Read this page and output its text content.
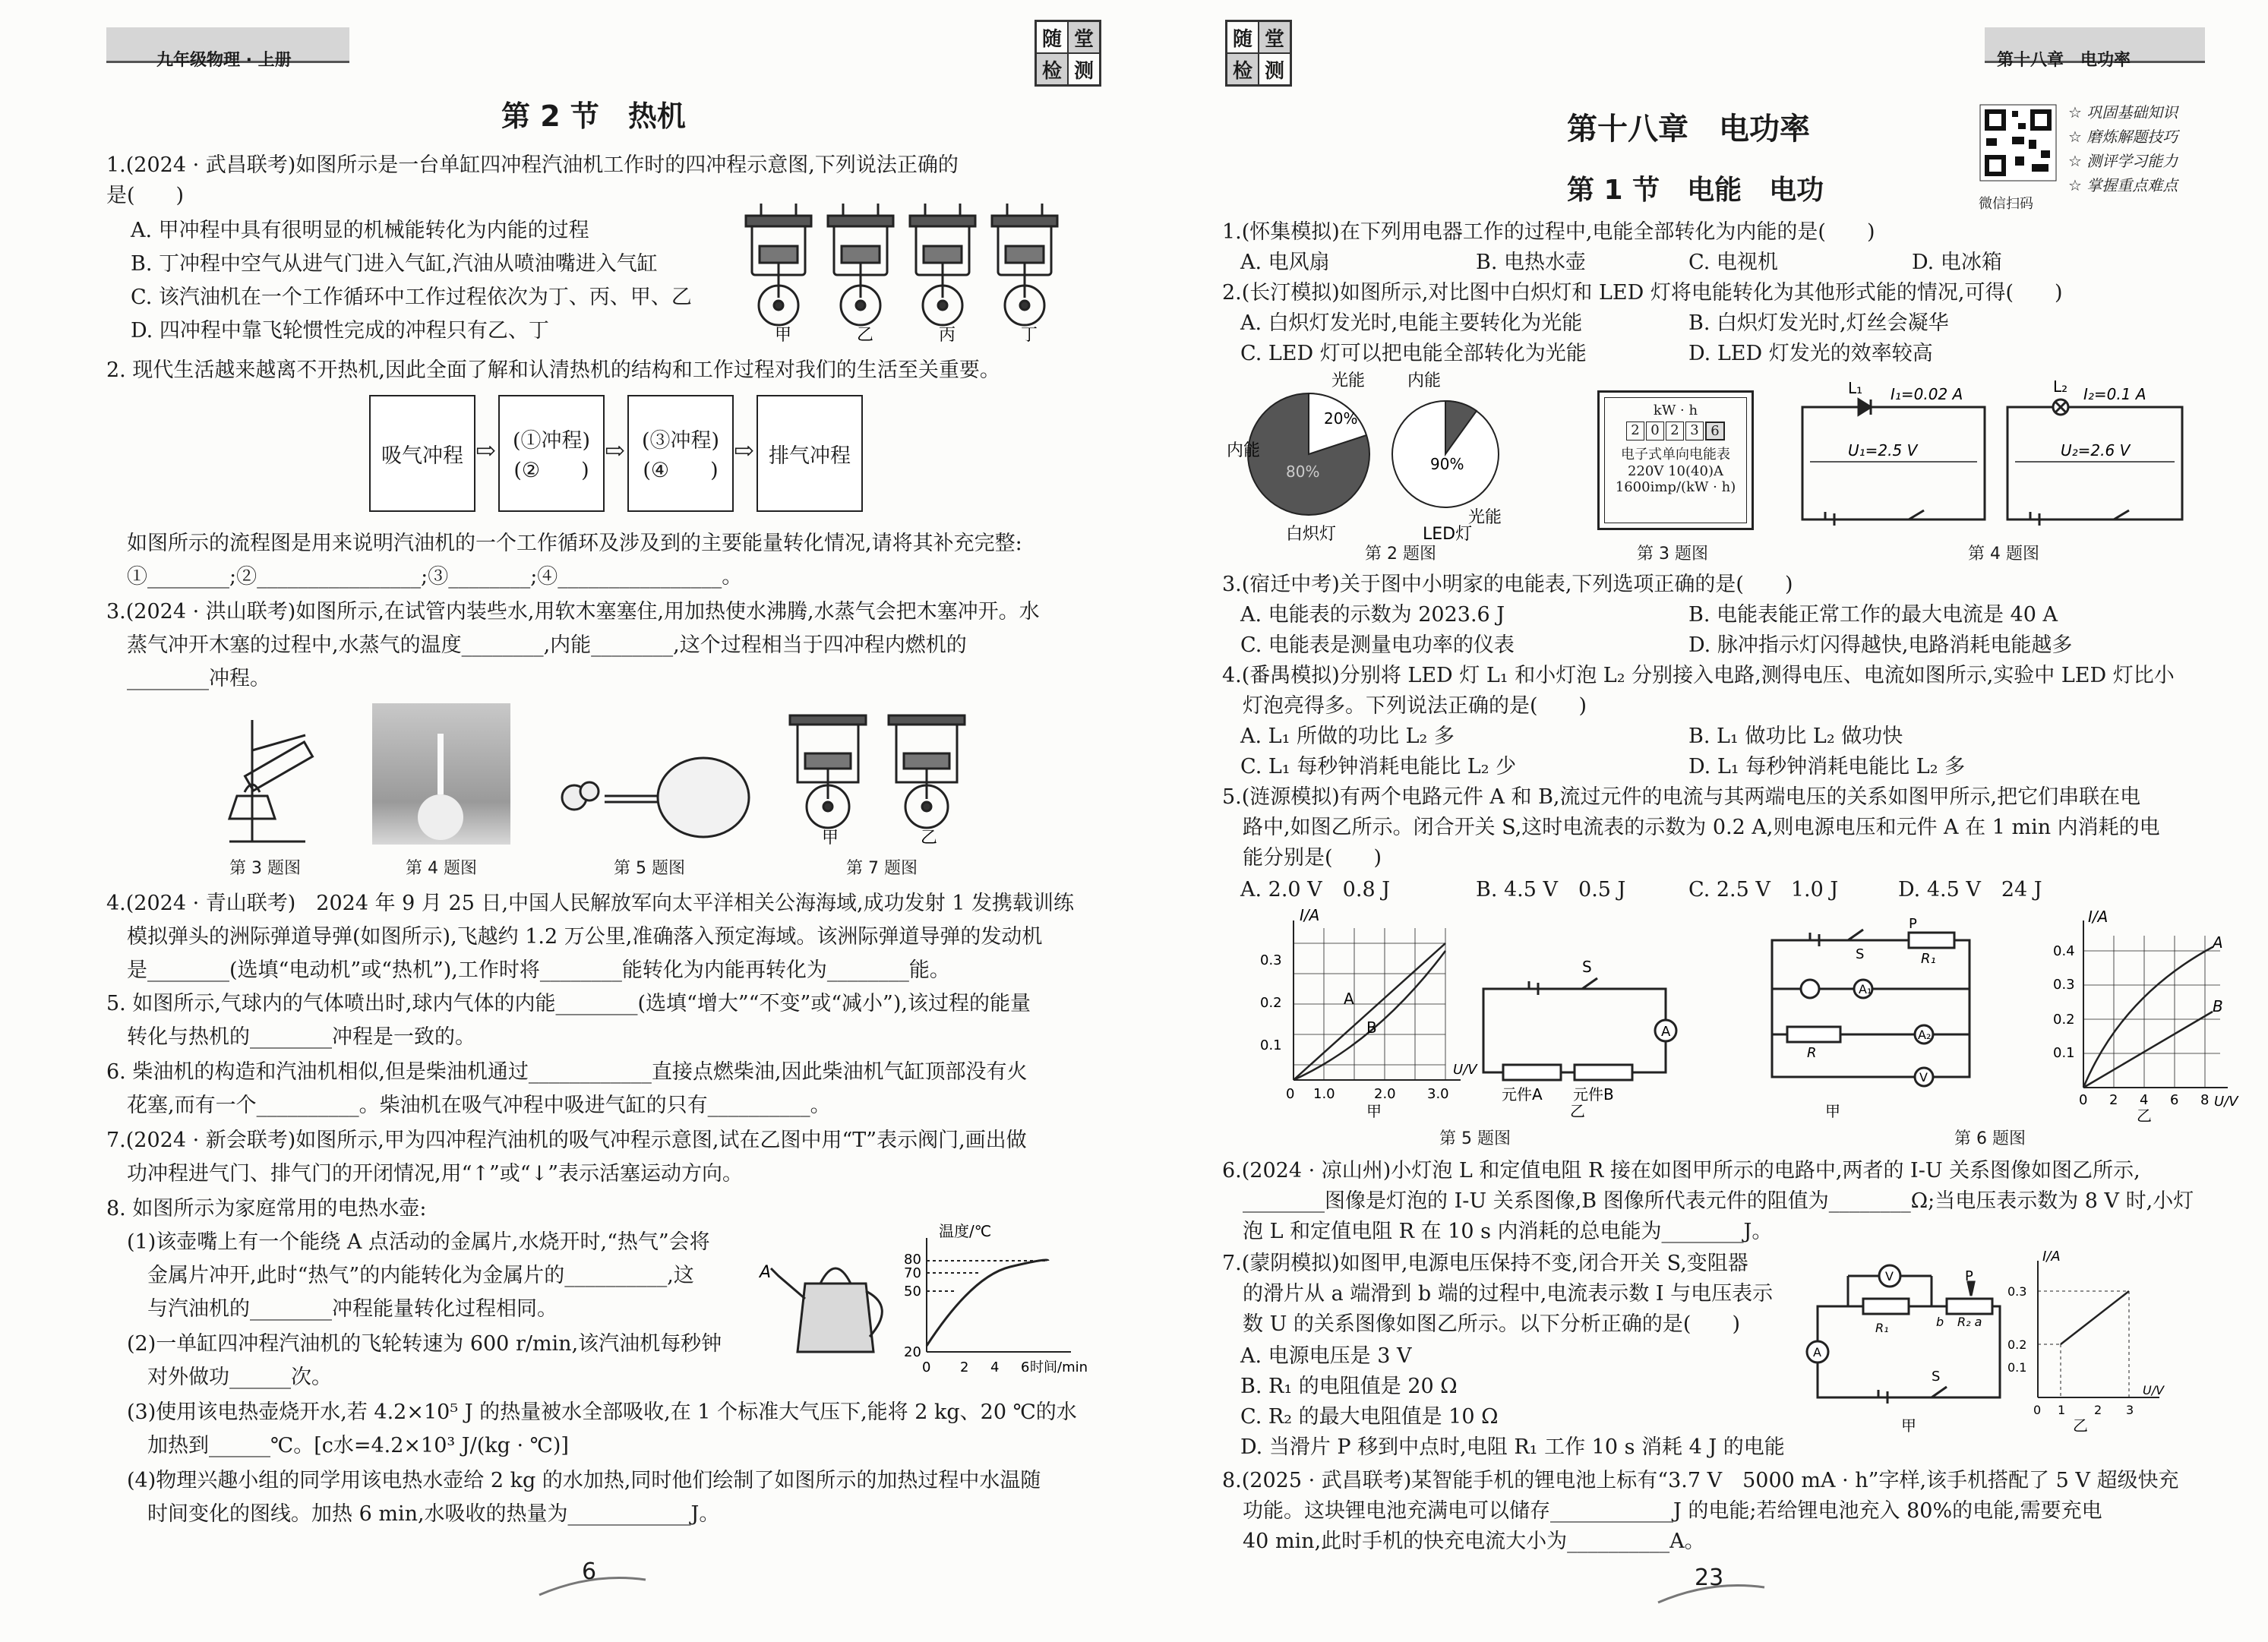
九年级物理 · 上册
随 堂
检 测
第 2 节　热机
1.(2024 · 武昌联考)如图所示是一台单缸四冲程汽油机工作时的四冲程示意图,下列说法正确的
是(　　)
A. 甲冲程中具有很明显的机械能转化为内能的过程
B. 丁冲程中空气从进气门进入气缸,汽油从喷油嘴进入气缸
C. 该汽油机在一个工作循环中工作过程依次为丁、丙、甲、乙
D. 四冲程中靠飞轮惯性完成的冲程只有乙、丁	甲	乙	丙	丁
2. 现代生活越来越离不开热机,因此全面了解和认清热机的结构和工作过程对我们的生活至关重要。
吸气冲程 ⇨ (①冲程)
(②　　)
⇨ (③冲程)
(④　　)
⇨ 排气冲程
　如图所示的流程图是用来说明汽油机的一个工作循环及涉及到的主要能量转化情况,请将其补充完整:
　①________;②________________;③________;④________________。
3.(2024 · 洪山联考)如图所示,在试管内装些水,用软木塞塞住,用加热使水沸腾,水蒸气会把木塞冲开。水
　蒸气冲开木塞的过程中,水蒸气的温度________,内能________,这个过程相当于四冲程内燃机的
　________冲程。
甲	乙
第 3 题图	第 4 题图	第 5 题图	第 7 题图
4.(2024 · 青山联考)　2024 年 9 月 25 日,中国人民解放军向太平洋相关公海海域,成功发射 1 发携载训练
　模拟弹头的洲际弹道导弹(如图所示),飞越约 1.2 万公里,准确落入预定海域。该洲际弹道导弹的发动机
　是________(选填“电动机”或“热机”),工作时将________能转化为内能再转化为________能。
5. 如图所示,气球内的气体喷出时,球内气体的内能________(选填“增大”“不变”或“减小”),该过程的能量
　转化与热机的________冲程是一致的。
6. 柴油机的构造和汽油机相似,但是柴油机通过____________直接点燃柴油,因此柴油机气缸顶部没有火
　花塞,而有一个__________。柴油机在吸气冲程中吸进气缸的只有__________。
7.(2024 · 新会联考)如图所示,甲为四冲程汽油机的吸气冲程示意图,试在乙图中用“T”表示阀门,画出做
　功冲程进气门、排气门的开闭情况,用“↑”或“↓”表示活塞运动方向。
8. 如图所示为家庭常用的电热水壶:
　(1)该壶嘴上有一个能绕 A 点活动的金属片,水烧开时,“热气”会将
　　金属片冲开,此时“热气”的内能转化为金属片的__________,这
　　与汽油机的________冲程能量转化过程相同。
　(2)一单缸四冲程汽油机的飞轮转速为 600 r/min,该汽油机每秒钟
　　对外做功______次。
　(3)使用该电热壶烧开水,若 4.2×10⁵ J 的热量被水全部吸收,在 1 个标准大气压下,能将 2 kg、20 ℃的水
　　加热到______℃。[c水=4.2×10³ J/(kg · ℃)]
　(4)物理兴趣小组的同学用该电热水壶给 2 kg 的水加热,同时他们绘制了如图所示的加热过程中水温随
　　时间变化的图线。加热 6 min,水吸收的热量为____________J。
A
温度/℃
20
50
70
80
0 2 4 6 时间/min
6
随 堂
检 测	第十八章　电功率
第十八章　电功率
第 1 节　电能　电功	微信扫码
☆ 巩固基础知识
☆ 磨炼解题技巧
☆ 测评学习能力
☆ 掌握重点难点
1.(怀集模拟)在下列用电器工作的过程中,电能全部转化为内能的是(　　)
A. 电风扇	B. 电热水壶	C. 电视机	D. 电冰箱
2.(长汀模拟)如图所示,对比图中白炽灯和 LED 灯将电能转化为其他形式能的情况,可得(　　)
A. 白炽灯发光时,电能主要转化为光能	B. 白炽灯发光时,灯丝会凝华
C. LED 灯可以把电能全部转化为光能	D. LED 灯发光的效率较高
20%
80%
光能
内能
白炽灯
内能
90%
光能
LED灯
第 2 题图
kW · h
2 0 2 3 6
电子式单向电能表
220V 10(40)A
1600imp/(kW · h)
第 3 题图
L₁ I₁=0.02 A
U₁=2.5 V
L₂ I₂=0.1 A
U₂=2.6 V
第 4 题图
3.(宿迁中考)关于图中小明家的电能表,下列选项正确的是(　　)
A. 电能表的示数为 2023.6 J	B. 电能表能正常工作的最大电流是 40 A
C. 电能表是测量电功率的仪表	D. 脉冲指示灯闪得越快,电路消耗电能越多
4.(番禺模拟)分别将 LED 灯 L₁ 和小灯泡 L₂ 分别接入电路,测得电压、电流如图所示,实验中 LED 灯比小
　灯泡亮得多。下列说法正确的是(　　)
A. L₁ 所做的功比 L₂ 多	B. L₁ 做功比 L₂ 做功快
C. L₁ 每秒钟消耗电能比 L₂ 少	D. L₁ 每秒钟消耗电能比 L₂ 多
5.(涟源模拟)有两个电路元件 A 和 B,流过元件的电流与其两端电压的关系如图甲所示,把它们串联在电
　路中,如图乙所示。闭合开关 S,这时电流表的示数为 0.2 A,则电源电压和元件 A 在 1 min 内消耗的电
　能分别是(　　)
A. 2.0 V　0.8 J	B. 4.5 V　0.5 J	C. 2.5 V　1.0 J	D. 4.5 V　24 J
I/A
0.1
0.2
0.3
0 1.0	2.0 3.0
U/V
A
B
甲
S
A
元件A 元件B
乙
S
P
R₁
A₁
A₂
V
R
甲
I/A
0.1
0.2
0.3
0.4
0 2 4 6 8 U/V
A
B
乙
第 5 题图	第 6 题图
6.(2024 · 凉山州)小灯泡 L 和定值电阻 R 接在如图甲所示的电路中,两者的 I-U 关系图像如图乙所示,
　________图像是灯泡的 I-U 关系图像,B 图像所代表元件的阻值为________Ω;当电压表示数为 8 V 时,小灯
　泡 L 和定值电阻 R 在 10 s 内消耗的总电能为________J。
7.(蒙阴模拟)如图甲,电源电压保持不变,闭合开关 S,变阻器
　的滑片从 a 端滑到 b 端的过程中,电流表示数 I 与电压表示
　数 U 的关系图像如图乙所示。以下分析正确的是(　　)
A. 电源电压是 3 V
B. R₁ 的电阻值是 20 Ω
C. R₂ 的最大电阻值是 10 Ω
D. 当滑片 P 移到中点时,电阻 R₁ 工作 10 s 消耗 4 J 的电能
V
R₁
P
b R₂ a
A
S
甲
I/A
0.1
0.2
0.3
0 1 2 3
U/V
乙
8.(2025 · 武昌联考)某智能手机的锂电池上标有“3.7 V　5000 mA · h”字样,该手机搭配了 5 V 超级快充
　功能。这块锂电池充满电可以储存____________J 的电能;若给锂电池充入 80%的电能,需要充电
　40 min,此时手机的快充电流大小为__________A。
23
